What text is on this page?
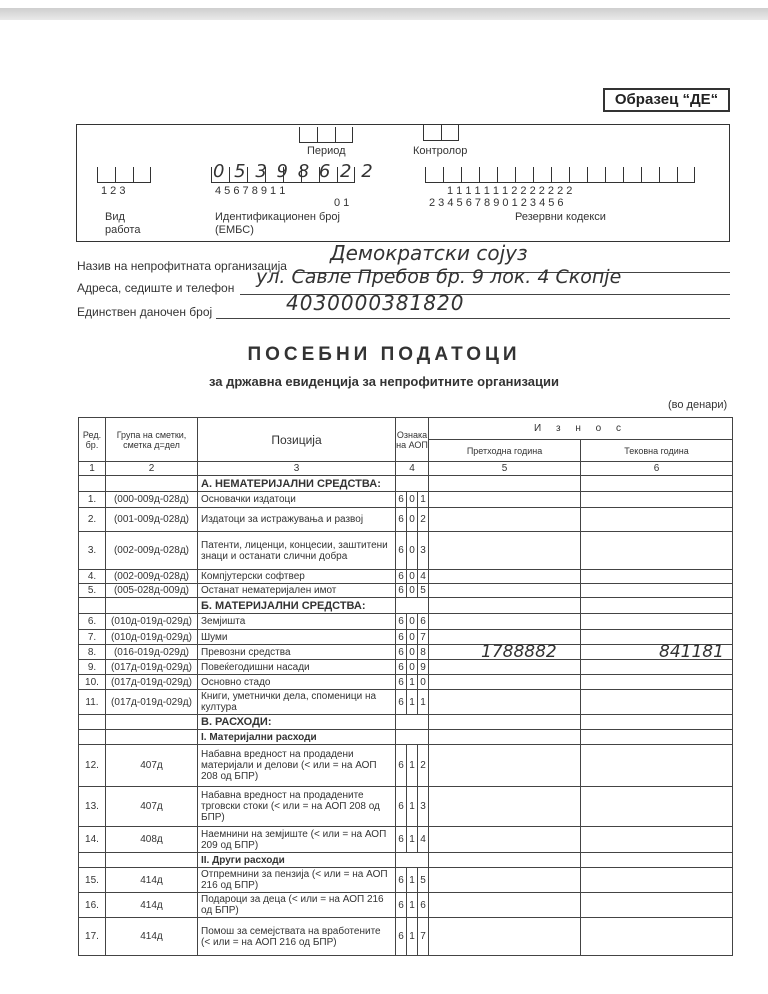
Образец “ДЕ“
Период	Контролор
1 2 3
Вид
работа
0 5 3 9 8 6 2 2
4 5 6 7 8 9 1 1
0 1
Идентификационен број
(ЕМБС)
1 1 1 1 1 1 1 2 2 2 2 2 2 2
2 3 4 5 6 7 8 9 0 1 2 3 4 5 6
Резервни кодекси
Назив на непрофитната организација
Демократски сојуз
Адреса, седиште и телефон ул. Савле Пребов бр. 9 лок. 4 Скопје
Единствен даночен број	4030000381820
ПОСЕБНИ ПОДАТОЦИ
за државна евиденција за непрофитните организации
(во денари)
Ред. бр.	Група на сметки, сметка д=дел	Позиција	Ознака на АОП			И з н о с	
						Претходна година	Тековна година
1	2	3	4			5	6
		А. НЕМАТЕРИЈАЛНИ СРЕДСТВА:				

1.	(000-009д-028д)	Основачки издатоци	6	0	1	

2.	(001-009д-028д)	Издатоци за истражувања и развој	6	0	2	

3.	(002-009д-028д)	Патенти, лиценци, концесии, заштитени знаци и останати слични добра	6	0	3	

4.	(002-009д-028д)	Компјутерски софтвер	6	0	4	

5.	(005-028д-009д)	Останат нематеријален имот	6	0	5	

		Б. МАТЕРИЈАЛНИ СРЕДСТВА:				

6.	(010д-019д-029д)	Земјишта	6	0	6	

7.	(010д-019д-029д)	Шуми	6	0	7	

8.	(016-019д-029д)	Превозни средства	6	0	8	1788882	841181

9.	(017д-019д-029д)	Повеќегодишни насади	6	0	9	

10.	(017д-019д-029д)	Основно стадо	6	1	0	

11.	(017д-019д-029д)	Книги, уметнички дела, споменици на култура	6	1	1	

		В. РАСХОДИ:				

		I. Материјални расходи				

12.	407д	Набавна вредност на продадени материјали и делови (< или = на АОП 208 од БПР)	6	1	2	

13.	407д	Набавна вредност на продадените трговски стоки (< или = на АОП 208 од БПР)	6	1	3	

14.	408д	Наемнини на земјиште (< или = на АОП 209 од БПР)	6	1	4	

		II. Други расходи				

15.	414д	Отпремнини за пензија (< или = на АОП 216 од БПР)	6	1	5	

16.	414д	Подароци за деца (< или = на АОП 216 од БПР)	6	1	6	

17.	414д	Помош за семејствата на вработените (< или = на АОП 216 од БПР)	6	1	7	
